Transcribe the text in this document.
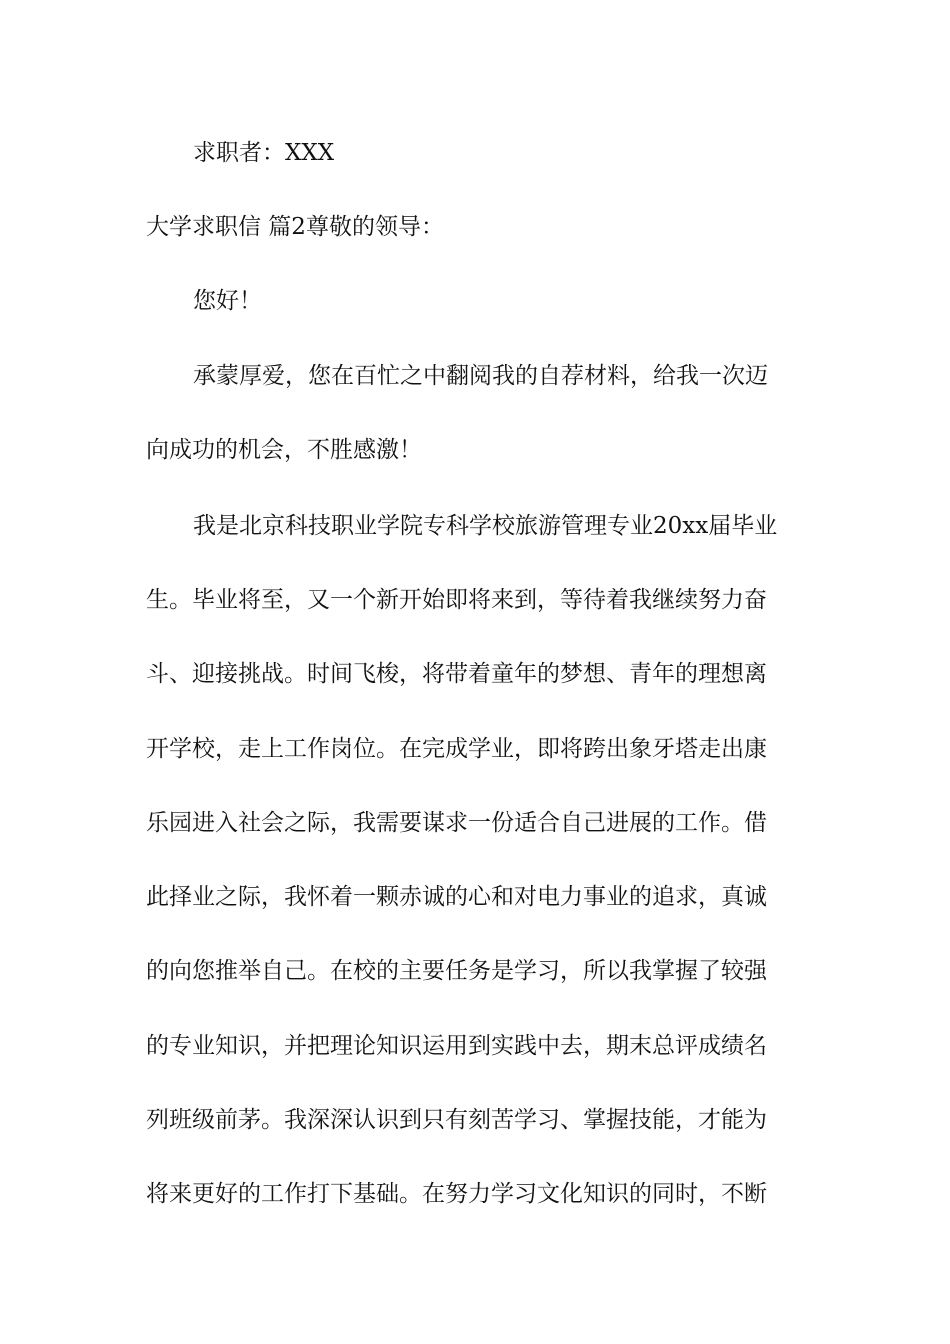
求职者：XXX
大学求职信 篇2尊敬的领导：
您好！
承蒙厚爱，您在百忙之中翻阅我的自荐材料，给我一次迈
向成功的机会，不胜感激！
我是北京科技职业学院专科学校旅游管理专业20xx届毕业
生。毕业将至，又一个新开始即将来到，等待着我继续努力奋
斗、迎接挑战。时间飞梭，将带着童年的梦想、青年的理想离
开学校，走上工作岗位。在完成学业，即将跨出象牙塔走出康
乐园进入社会之际，我需要谋求一份适合自己进展的工作。借
此择业之际，我怀着一颗赤诚的心和对电力事业的追求，真诚
的向您推举自己。在校的主要任务是学习，所以我掌握了较强
的专业知识，并把理论知识运用到实践中去，期末总评成绩名
列班级前茅。我深深认识到只有刻苦学习、掌握技能，才能为
将来更好的工作打下基础。在努力学习文化知识的同时，不断
